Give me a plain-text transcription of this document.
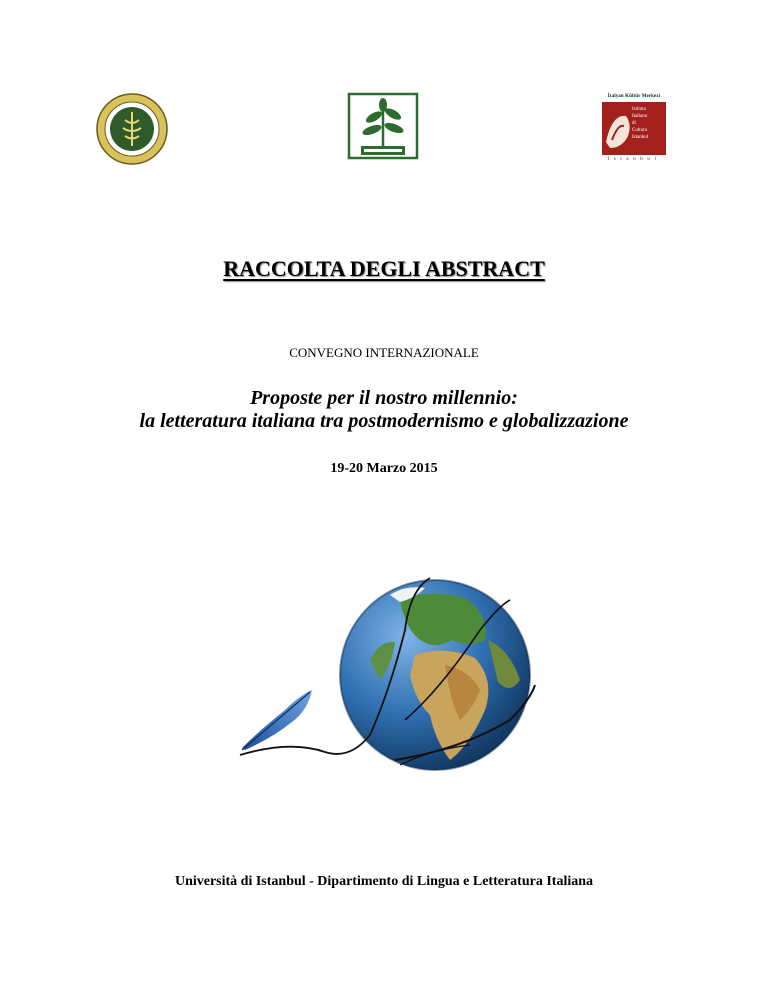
İtalyan Kültür Merkezi
Istituto
Italiano
di
Cultura
Istanbul
Istanbul
RACCOLTA DEGLI ABSTRACT
CONVEGNO INTERNAZIONALE
Proposte per il nostro millennio:
la letteratura italiana tra postmodernismo e globalizzazione
19-20 Marzo 2015
Università di Istanbul - Dipartimento di Lingua e Letteratura Italiana
